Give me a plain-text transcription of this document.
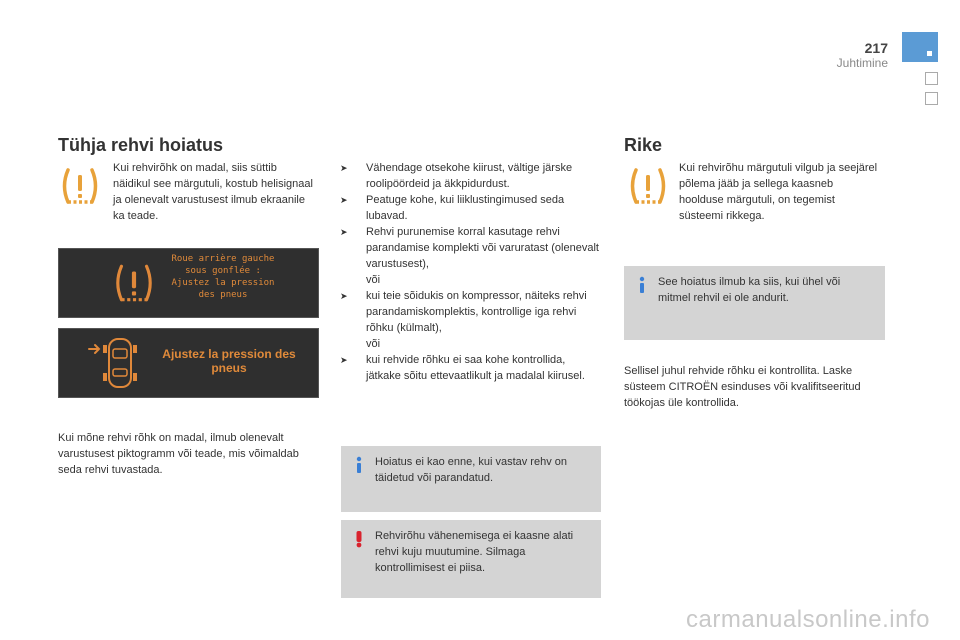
217
Juhtimine
Tühja rehvi hoiatus
Kui rehvirõhk on madal, siis süttib näidikul see märgutuli, kostub helisignaal ja olenevalt varustusest ilmub ekraanile ka teade.
Roue arrière gauche sous gonflée : Ajustez la pression des pneus
Ajustez la pression des pneus
Kui mõne rehvi rõhk on madal, ilmub olenevalt varustusest piktogramm või teade, mis võimaldab seda rehvi tuvastada.
➤ Vähendage otsekohe kiirust, vältige järske roolipöördeid ja äkkpidurdust.
➤ Peatuge kohe, kui liiklustingimused seda lubavad.
➤ Rehvi purunemise korral kasutage rehvi parandamise komplekti või varuratast (olenevalt varustusest),
või
➤ kui teie sõidukis on kompressor, näiteks rehvi parandamiskomplektis, kontrollige iga rehvi rõhku (külmalt),
või
➤ kui rehvide rõhku ei saa kohe kontrollida, jätkake sõitu ettevaatlikult ja madalal kiirusel.
Hoiatus ei kao enne, kui vastav rehv on täidetud või parandatud.
Rehvirõhu vähenemisega ei kaasne alati rehvi kuju muutumine. Silmaga kontrollimisest ei piisa.
Rike
Kui rehvirõhu märgutuli vilgub ja seejärel põlema jääb ja sellega kaasneb hoolduse märgutuli, on tegemist süsteemi rikkega.
See hoiatus ilmub ka siis, kui ühel või mitmel rehvil ei ole andurit.
Sellisel juhul rehvide rõhku ei kontrollita. Laske süsteem CITROËN esinduses või kvalifitseeritud töökojas üle kontrollida.
carmanualsonline.info
